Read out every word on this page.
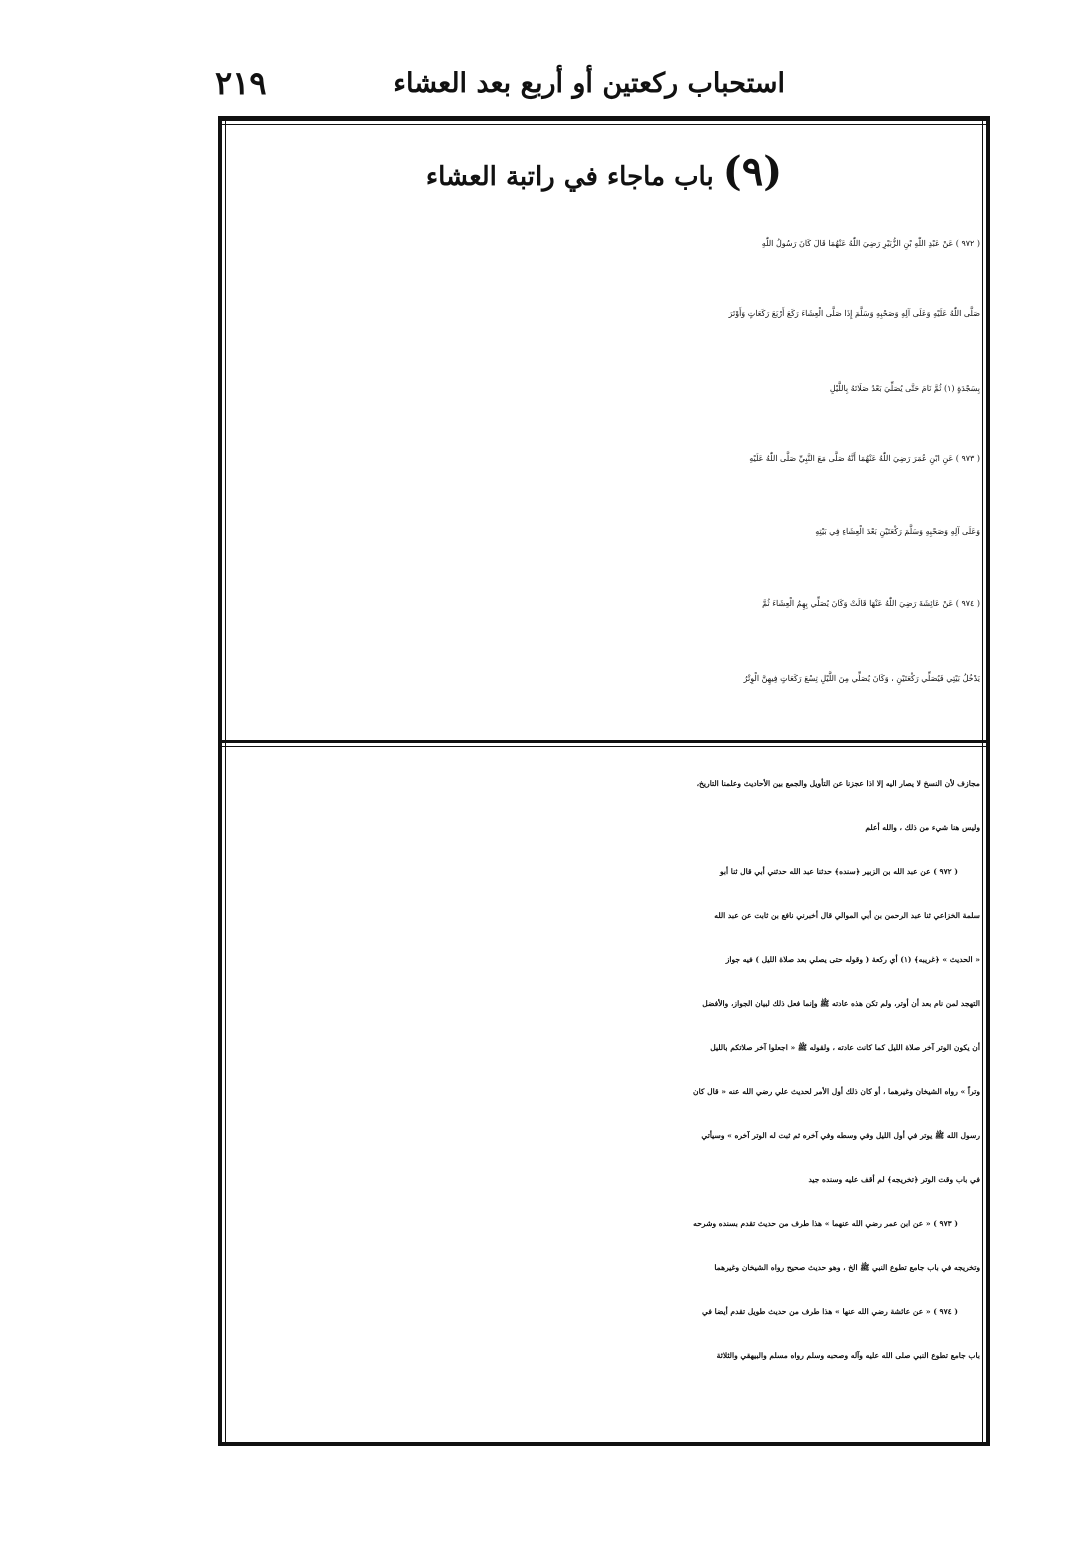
استحباب ركعتين أو أربع بعد العشاء
٢١٩
(٩) باب ماجاء في راتبة العشاء
( ٩٧٢ ) عَنْ عَبْدِ اللّٰهِ بْنِ الزُّبَيْرِ رَضِيَ اللّٰهُ عَنْهُمَا قَالَ كَانَ رَسُولُ اللّٰهِ
صَلَّى اللّٰهُ عَلَيْهِ وَعَلَى آلِهِ وَصَحْبِهِ وَسَلَّمَ إِذَا صَلَّى الْعِشَاءَ رَكَعَ أَرْبَعَ رَكَعَاتٍ وَأَوْتَرَ
بِسَجْدَةٍ (١) ثُمَّ نَامَ حَتَّى يُصَلِّيَ بَعْدُ صَلَاتَهُ بِاللَّيْلِ
( ٩٧٣ ) عَنِ ابْنِ عُمَرَ رَضِيَ اللّٰهُ عَنْهُمَا أَنَّهُ صَلَّى مَعَ النَّبِيِّ صَلَّى اللّٰهُ عَلَيْهِ
وَعَلَى آلِهِ وَصَحْبِهِ وَسَلَّمَ رَكْعَتَيْنِ بَعْدَ الْعِشَاءِ فِي بَيْتِهِ
( ٩٧٤ ) عَنْ عَائِشَةَ رَضِيَ اللّٰهُ عَنْهَا قَالَتْ وَكَانَ يُصَلِّي بِهِمُ الْعِشَاءَ ثُمَّ
يَدْخُلُ بَيْتِي فَيُصَلِّي رَكْعَتَيْنِ ، وَكَانَ يُصَلِّي مِنَ اللَّيْلِ تِسْعَ رَكَعَاتٍ فِيهِنَّ الْوِتْرُ
مجازف لأن النسخ لا يصار اليه إلا اذا عجزنا عن التأويل والجمع بين الأحاديث وعلمنا التاريخ،
وليس هنا شيء من ذلك ، والله أعلم
( ٩٧٢ ) عن عبد الله بن الزبير ﴿سنده﴾ حدثنا عبد الله حدثني أبي قال ثنا أبو
سلمة الخزاعي ثنا عبد الرحمن بن أبي الموالي قال أخبرني نافع بن ثابت عن عبد الله
« الحديث » ﴿غريبه﴾ (١) أي ركعة ( وقوله حتى يصلي بعد صلاة الليل ) فيه جواز
التهجد لمن نام بعد أن أوتر، ولم تكن هذه عادته ﷺ وإنما فعل ذلك لبيان الجواز، والأفضل
أن يكون الوتر آخر صلاة الليل كما كانت عادته ، ولقوله ﷺ « اجعلوا آخر صلاتكم بالليل
وتراً » رواه الشيخان وغيرهما ، أو كان ذلك أول الأمر لحديث علي رضي الله عنه « قال كان
رسول الله ﷺ يوتر في أول الليل وفي وسطه وفي آخره ثم ثبت له الوتر آخره » وسيأتي
في باب وقت الوتر ﴿تخريجه﴾ لم أقف عليه وسنده جيد
( ٩٧٣ ) « عن ابن عمر رضي الله عنهما » هذا طرف من حديث تقدم بسنده وشرحه
وتخريجه في باب جامع تطوع النبي ﷺ الخ ، وهو حديث صحيح رواه الشيخان وغيرهما
( ٩٧٤ ) « عن عائشة رضي الله عنها » هذا طرف من حديث طويل تقدم أيضا في
باب جامع تطوع النبي صلى الله عليه وآله وصحبه وسلم رواه مسلم والبيهقي والثلاثة
